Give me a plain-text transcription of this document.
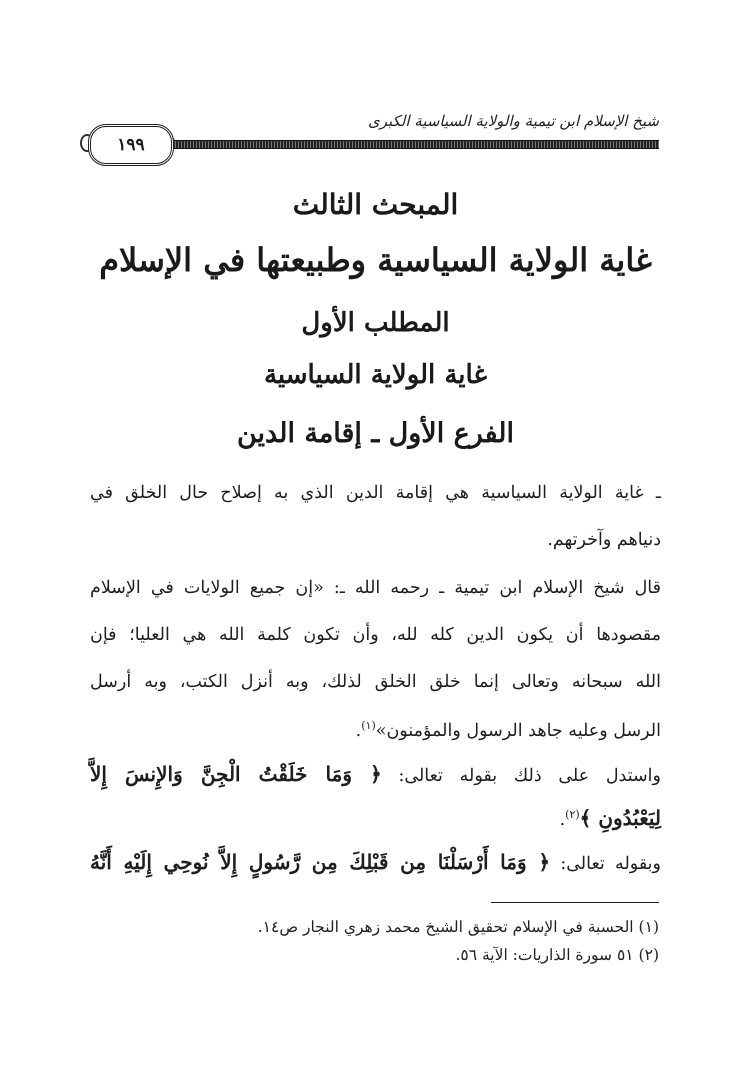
شيخ الإسلام ابن تيمية والولاية السياسية الكبرى
١٩٩
المبحث الثالث
غاية الولاية السياسية وطبيعتها في الإسلام
المطلب الأول
غاية الولاية السياسية
الفرع الأول ـ إقامة الدين
ـ غاية الولاية السياسية هي إقامة الدين الذي به إصلاح حال الخلق في
دنياهم وآخرتهم.
قال شيخ الإسلام ابن تيمية ـ رحمه الله ـ: «إن جميع الولايات في الإسلام
مقصودها أن يكون الدين كله لله، وأن تكون كلمة الله هي العليا؛ فإن
الله سبحانه وتعالى إنما خلق الخلق لذلك، وبه أنزل الكتب، وبه أرسل
الرسل وعليه جاهد الرسول والمؤمنون»$^{(١)}$.
واستدل على ذلك بقوله تعالى: ﴿ وَمَا خَلَقْتُ الْجِنَّ وَالإِنسَ إِلاَّ
لِيَعْبُدُونِ ﴾$^{(٢)}$.
وبقوله تعالى: ﴿ وَمَا أَرْسَلْنَا مِن قَبْلِكَ مِن رَّسُولٍ إِلاَّ نُوحِي إِلَيْهِ أَنَّهُ
(١) الحسبة في الإسلام تحقيق الشيخ محمد زهري النجار ص١٤.
(٢) ٥١ سورة الذاريات: الآية ٥٦.
